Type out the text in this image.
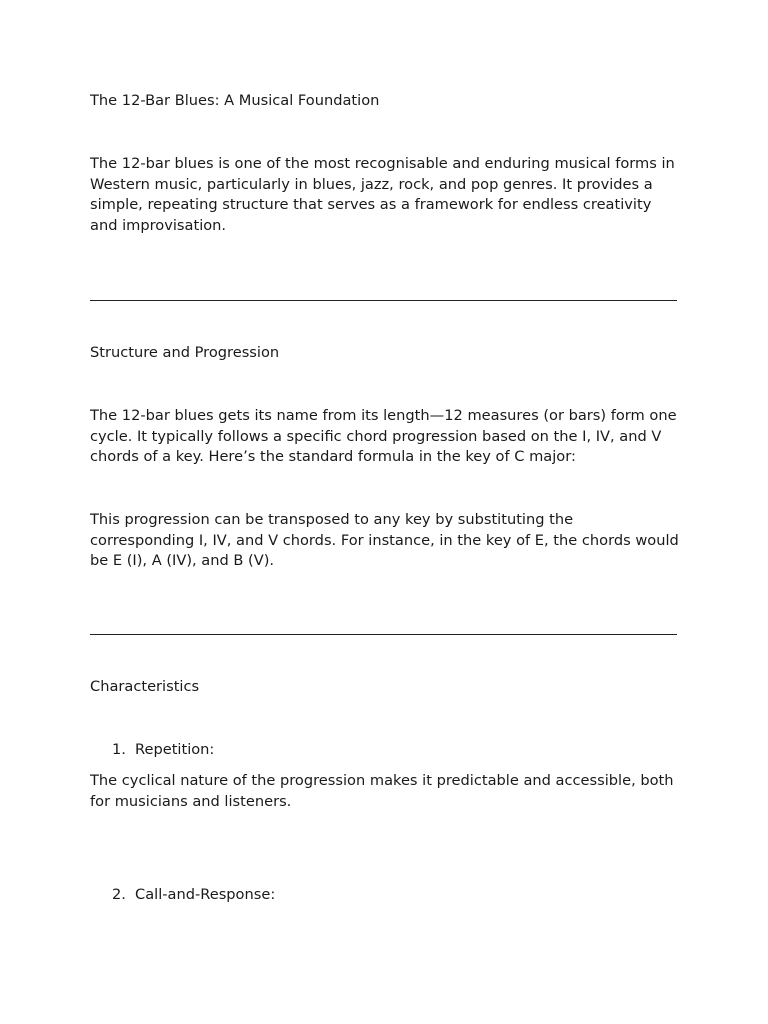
The 12-Bar Blues: A Musical Foundation

The 12-bar blues is one of the most recognisable and enduring musical forms in Western music, particularly in blues, jazz, rock, and pop genres. It provides a simple, repeating structure that serves as a framework for endless creativity and improvisation.

Structure and Progression

The 12-bar blues gets its name from its length—12 measures (or bars) form one cycle. It typically follows a specific chord progression based on the I, IV, and V chords of a key. Here’s the standard formula in the key of C major:

This progression can be transposed to any key by substituting the corresponding I, IV, and V chords. For instance, in the key of E, the chords would be E (I), A (IV), and B (V).

Characteristics

1. Repetition:

The cyclical nature of the progression makes it predictable and accessible, both for musicians and listeners.

2. Call-and-Response:
